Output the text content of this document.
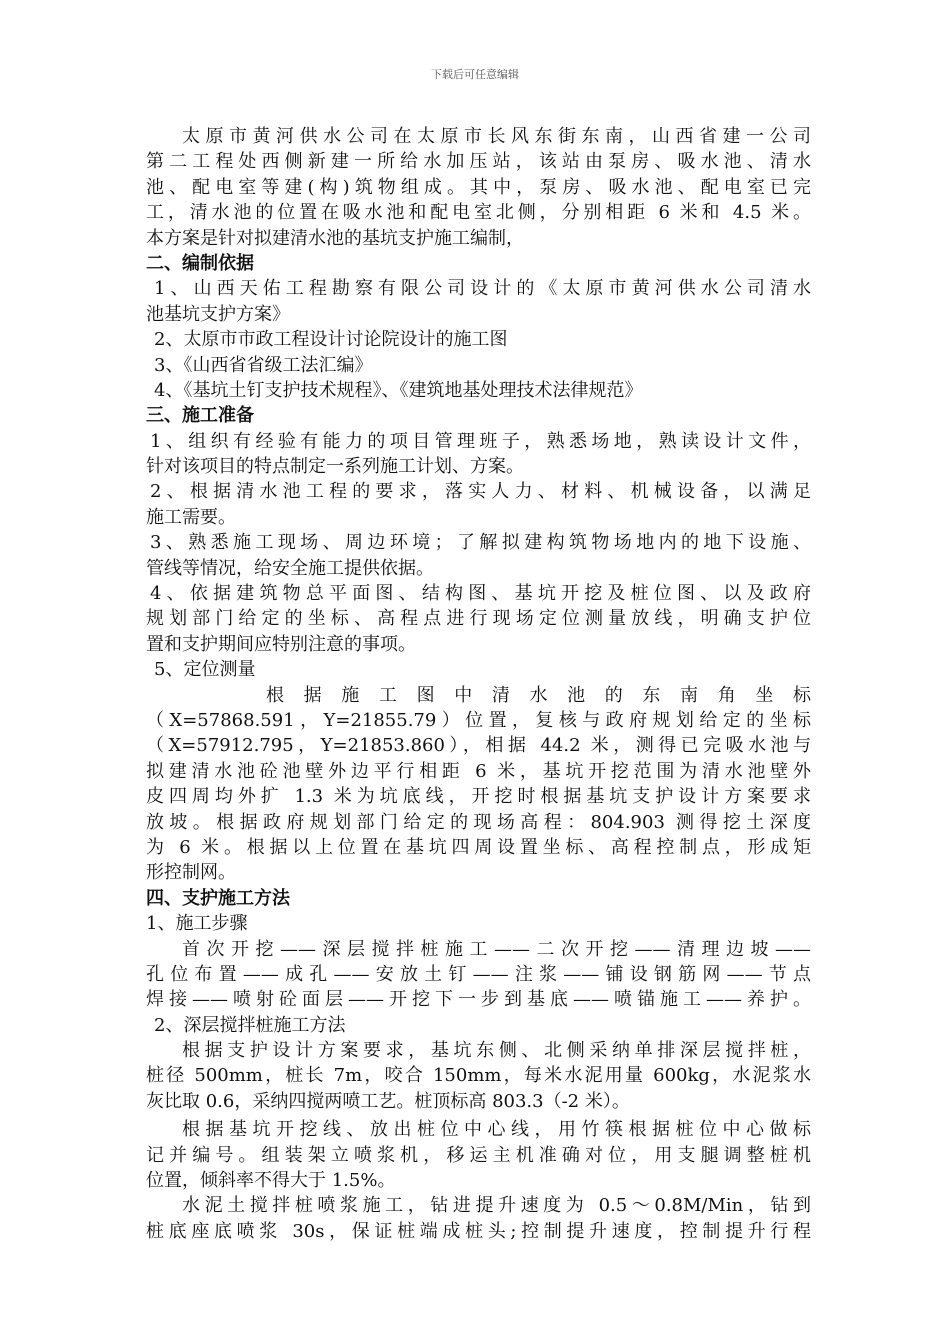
下载后可任意编辑
太原市黄河供水公司在太原市长风东街东南，山西省建一公司
第二工程处西侧新建一所给水加压站，该站由泵房、吸水池、清水
池、配电室等建(构)筑物组成。其中，泵房、吸水池、配电室已完
工，清水池的位置在吸水池和配电室北侧，分别相距 6 米和 4.5 米。
本方案是针对拟建清水池的基坑支护施工编制，
二、编制依据
1、山西天佑工程勘察有限公司设计的《太原市黄河供水公司清水
池基坑支护方案》
2、太原市市政工程设计讨论院设计的施工图
3、《山西省省级工法汇编》
4、《基坑土钉支护技术规程》、《建筑地基处理技术法律规范》
三、施工准备
1、组织有经验有能力的项目管理班子，熟悉场地，熟读设计文件，
针对该项目的特点制定一系列施工计划、方案。
2、根据清水池工程的要求，落实人力、材料、机械设备，以满足
施工需要。
3、熟悉施工现场、周边环境；了解拟建构筑物场地内的地下设施、
管线等情况，给安全施工提供依据。
4、依据建筑物总平面图、结构图、基坑开挖及桩位图、以及政府
规划部门给定的坐标、高程点进行现场定位测量放线，明确支护位
置和支护期间应特别注意的事项。
5、定位测量
根据施工图中清水池的东南角坐标
（X=57868.591，Y=21855.79）位置，复核与政府规划给定的坐标
（X=57912.795，Y=21853.860），相据 44.2 米，测得已完吸水池与
拟建清水池砼池壁外边平行相距 6 米，基坑开挖范围为清水池壁外
皮四周均外扩 1.3 米为坑底线，开挖时根据基坑支护设计方案要求
放坡。根据政府规划部门给定的现场高程：804.903 测得挖土深度
为 6 米。根据以上位置在基坑四周设置坐标、高程控制点，形成矩
形控制网。
四、支护施工方法
1、施工步骤
首次开挖——深层搅拌桩施工——二次开挖——清理边坡——
孔位布置——成孔——安放土钉——注浆——铺设钢筋网——节点
焊接——喷射砼面层——开挖下一步到基底——喷锚施工——养护。
2、深层搅拌桩施工方法
根据支护设计方案要求，基坑东侧、北侧采纳单排深层搅拌桩，
桩径 500mm，桩长 7m，咬合 150mm，每米水泥用量 600kg，水泥浆水
灰比取 0.6，采纳四搅两喷工艺。桩顶标高 803.3（-2 米）。
根据基坑开挖线、放出桩位中心线，用竹筷根据桩位中心做标
记并编号。组装架立喷浆机，移运主机准确对位，用支腿调整桩机
位置，倾斜率不得大于 1.5%。
水泥土搅拌桩喷浆施工，钻进提升速度为 0.5～0.8M/Min，钻到
桩底座底喷浆 30s，保证桩端成桩头;控制提升速度，控制提升行程
